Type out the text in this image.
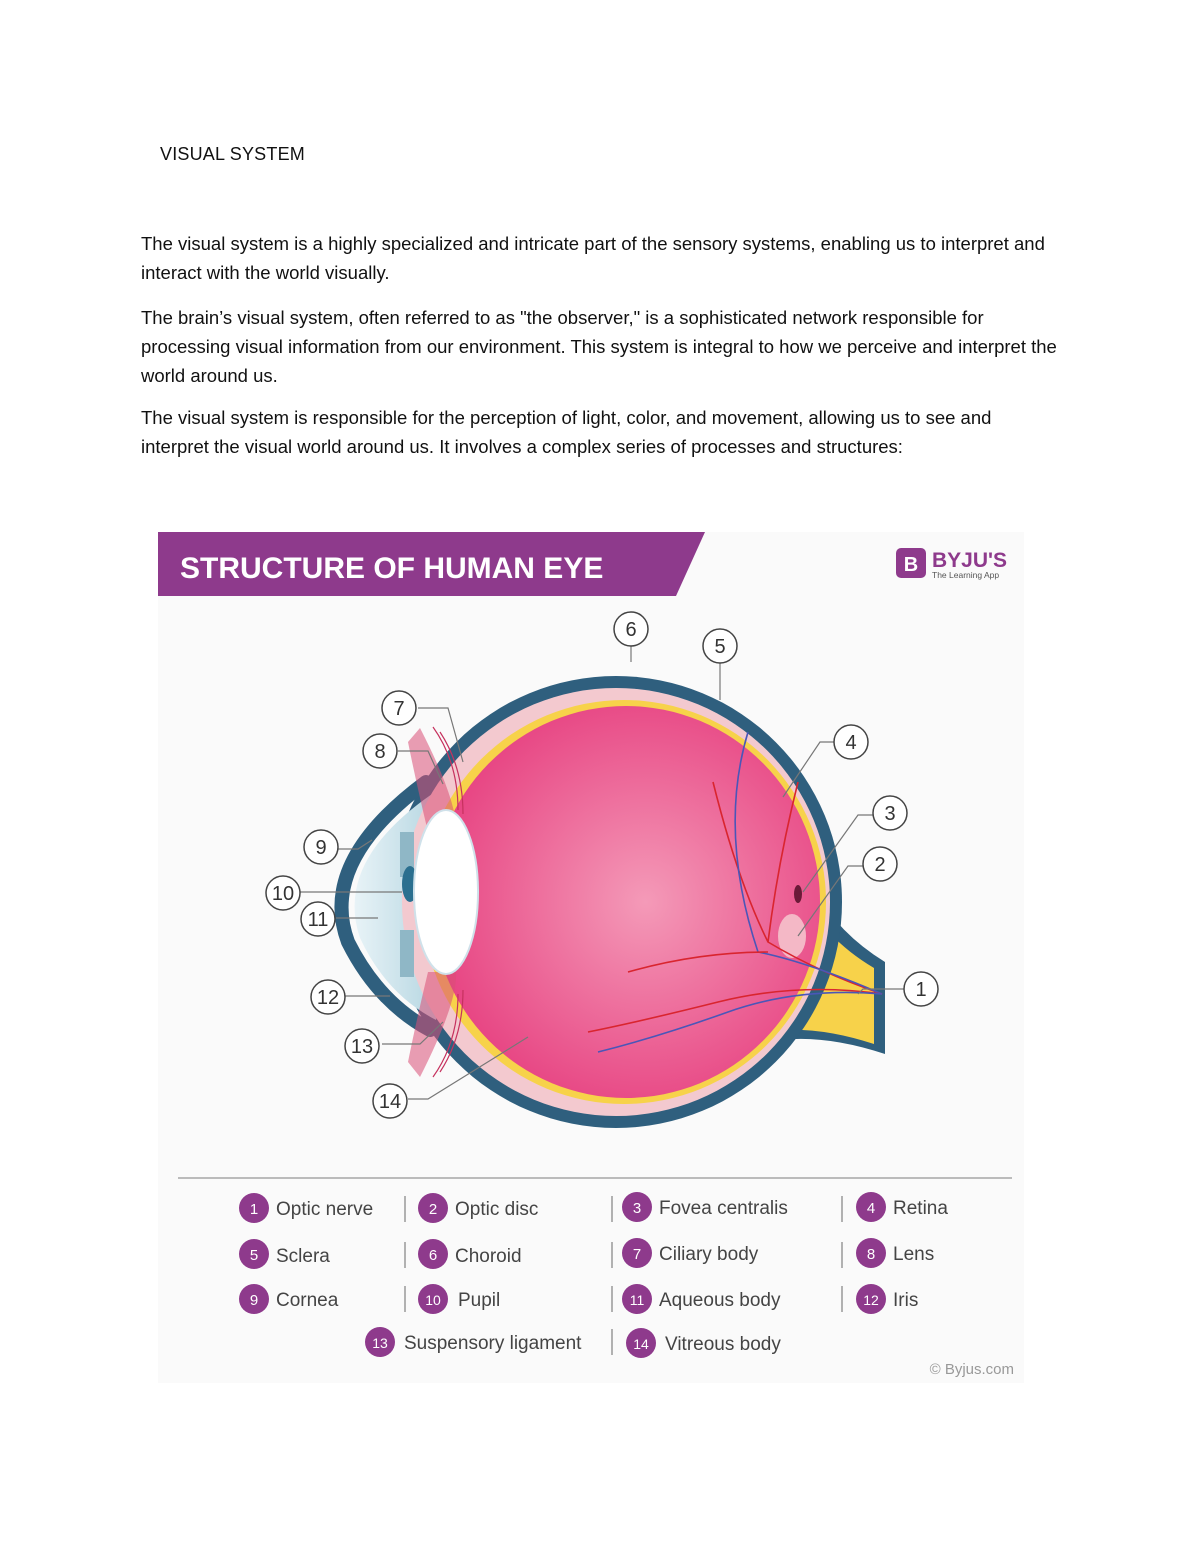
VISUAL SYSTEM
The visual system is a highly specialized and intricate part of the sensory systems, enabling us to interpret and interact with the world visually.
The brain’s visual system, often referred to as "the observer," is a sophisticated network responsible for processing visual information from our environment. This system is integral to how we perceive and interpret the world around us.
The visual system is responsible for the perception of light, color, and movement, allowing us to see and interpret the visual world around us. It involves a complex series of processes and structures:
STRUCTURE OF HUMAN EYE	B BYJU'S
The Learning App
1
2
3
4
5
6
7
8
9
10
11
12
13
14
1 Optic nerve	2 Optic disc	3 Fovea centralis	4 Retina
5 Sclera	6 Choroid	7 Ciliary body	8 Lens
9 Cornea	10 Pupil	11 Aqueous body	12 Iris
13 Suspensory ligament	14 Vitreous body
© Byjus.com
